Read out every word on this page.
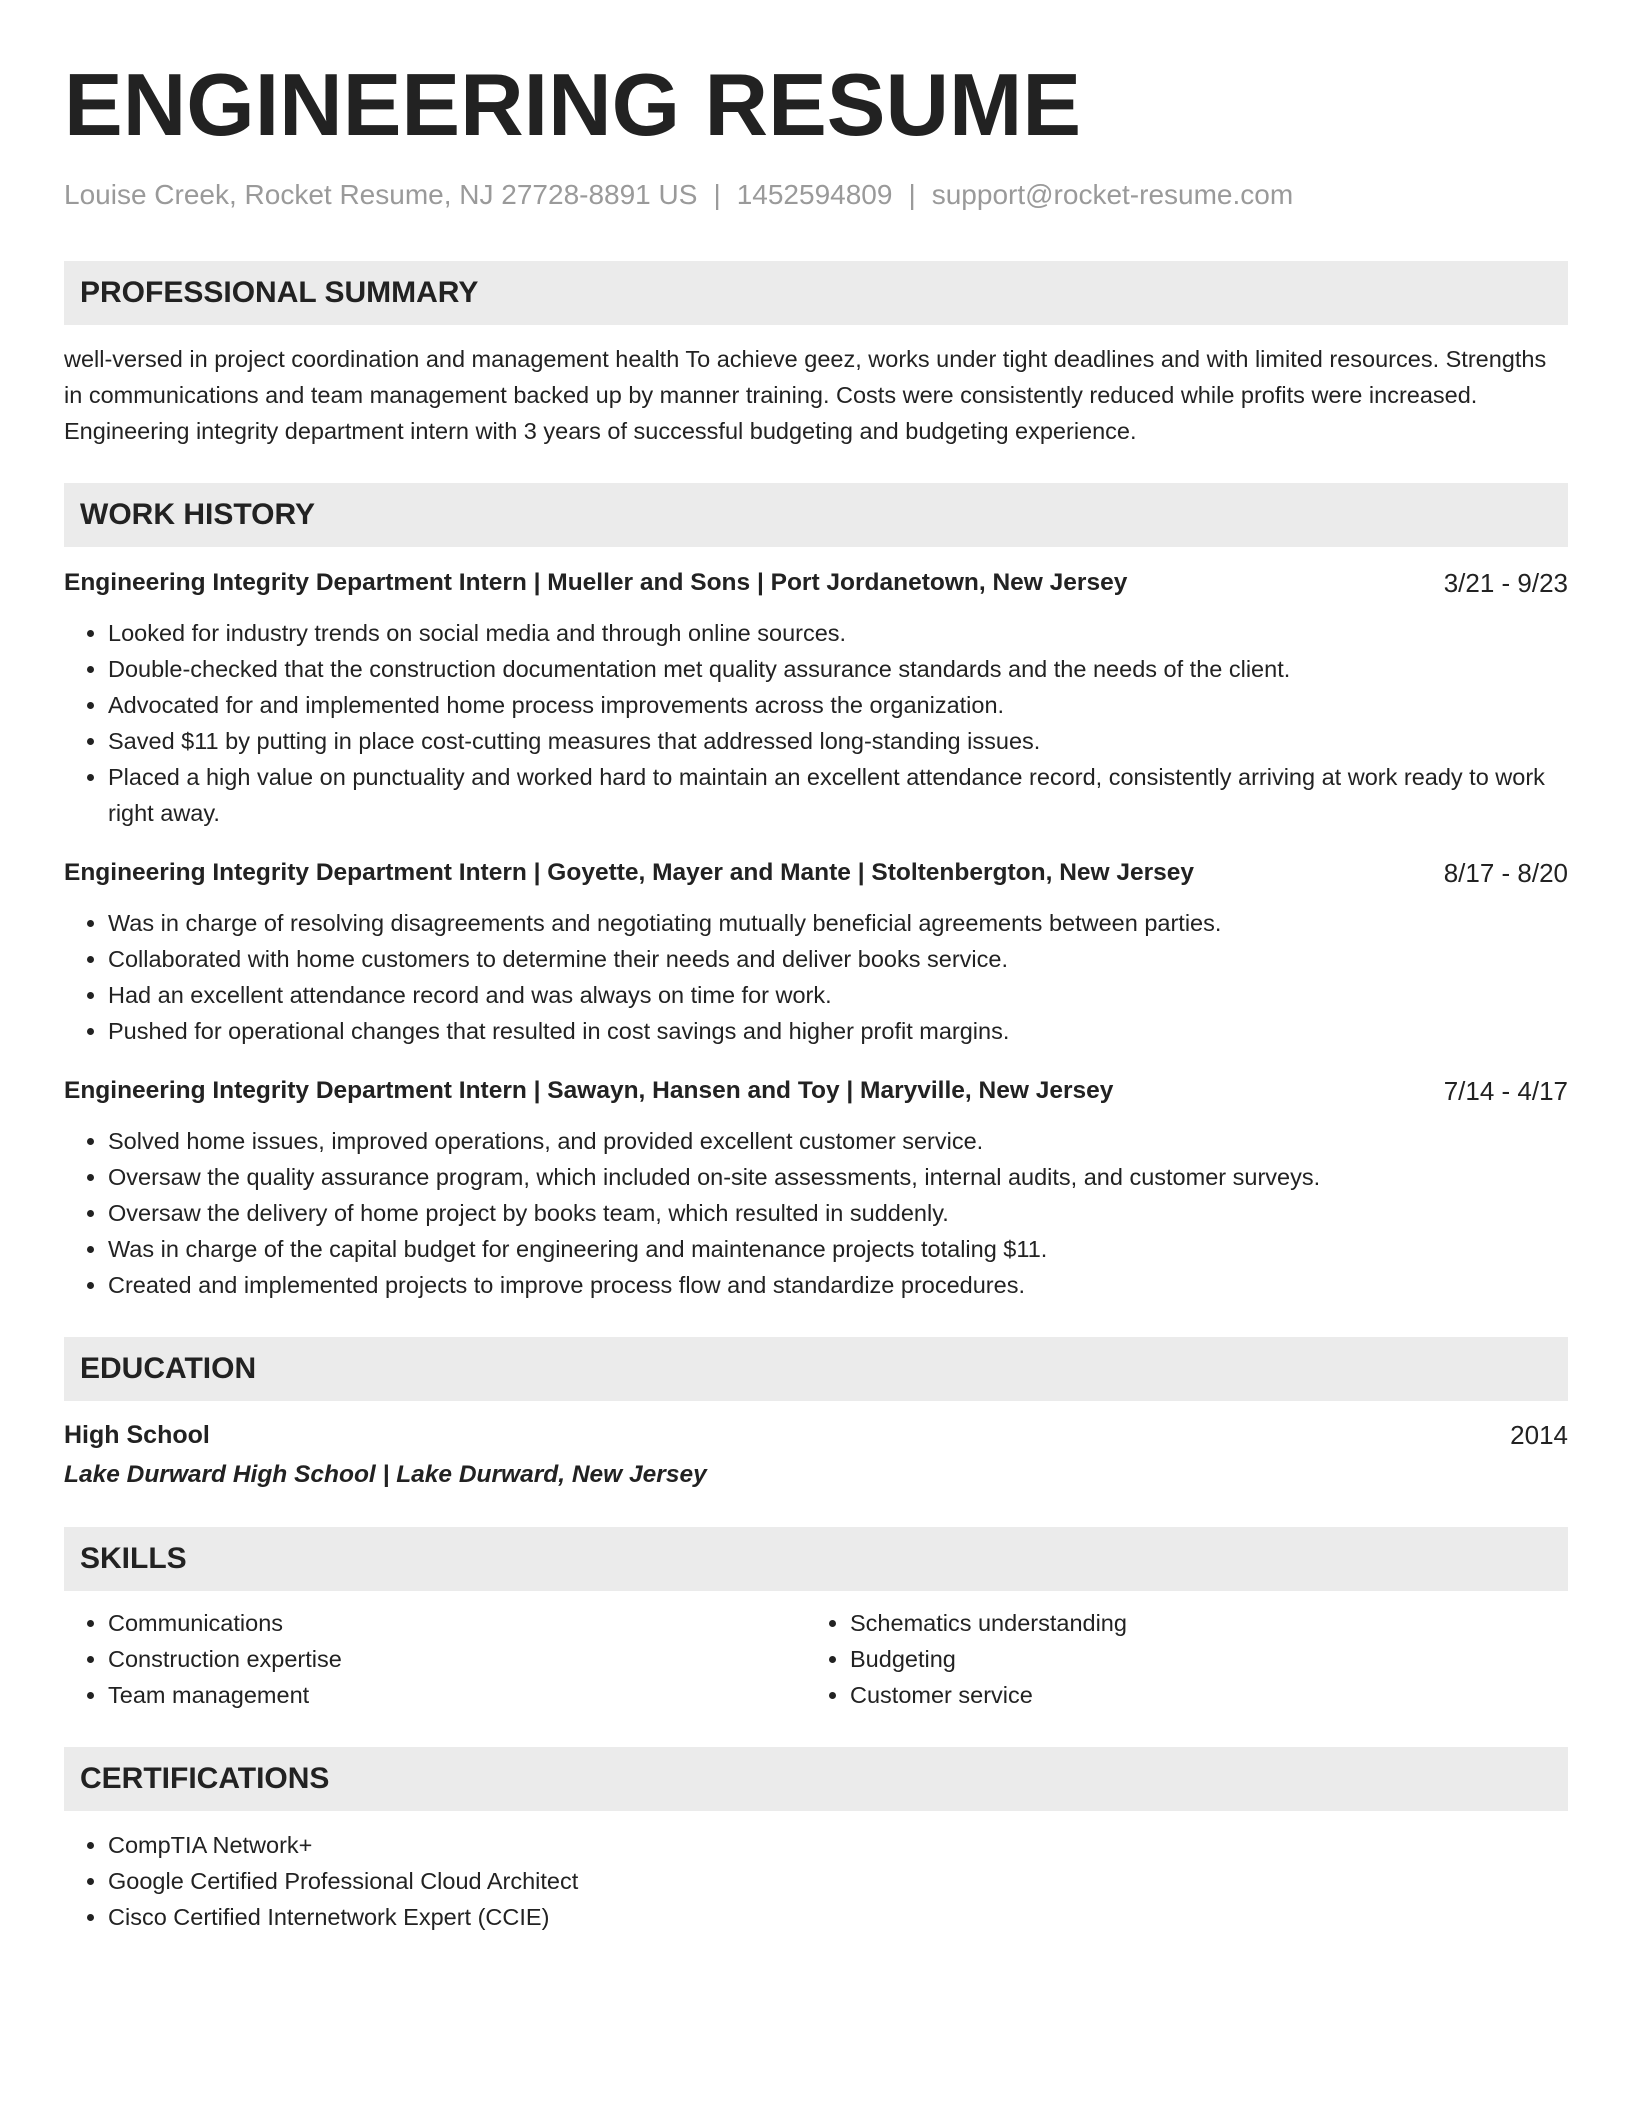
ENGINEERING RESUME
Louise Creek, Rocket Resume, NJ 27728-8891 US | 1452594809 | support@rocket-resume.com
PROFESSIONAL SUMMARY
well-versed in project coordination and management health To achieve geez, works under tight deadlines and with limited resources. Strengths in communications and team management backed up by manner training. Costs were consistently reduced while profits were increased. Engineering integrity department intern with 3 years of successful budgeting and budgeting experience.
WORK HISTORY
Engineering Integrity Department Intern | Mueller and Sons | Port Jordanetown, New Jersey	3/21 - 9/23
• Looked for industry trends on social media and through online sources.
• Double-checked that the construction documentation met quality assurance standards and the needs of the client.
• Advocated for and implemented home process improvements across the organization.
• Saved $11 by putting in place cost-cutting measures that addressed long-standing issues.
• Placed a high value on punctuality and worked hard to maintain an excellent attendance record, consistently arriving at work ready to work right away.
Engineering Integrity Department Intern | Goyette, Mayer and Mante | Stoltenbergton, New Jersey	8/17 - 8/20
• Was in charge of resolving disagreements and negotiating mutually beneficial agreements between parties.
• Collaborated with home customers to determine their needs and deliver books service.
• Had an excellent attendance record and was always on time for work.
• Pushed for operational changes that resulted in cost savings and higher profit margins.
Engineering Integrity Department Intern | Sawayn, Hansen and Toy | Maryville, New Jersey	7/14 - 4/17
• Solved home issues, improved operations, and provided excellent customer service.
• Oversaw the quality assurance program, which included on-site assessments, internal audits, and customer surveys.
• Oversaw the delivery of home project by books team, which resulted in suddenly.
• Was in charge of the capital budget for engineering and maintenance projects totaling $11.
• Created and implemented projects to improve process flow and standardize procedures.
EDUCATION
High School	2014
Lake Durward High School | Lake Durward, New Jersey
SKILLS
• Communications
• Construction expertise
• Team management
• Schematics understanding
• Budgeting
• Customer service
CERTIFICATIONS
• CompTIA Network+
• Google Certified Professional Cloud Architect
• Cisco Certified Internetwork Expert (CCIE)
